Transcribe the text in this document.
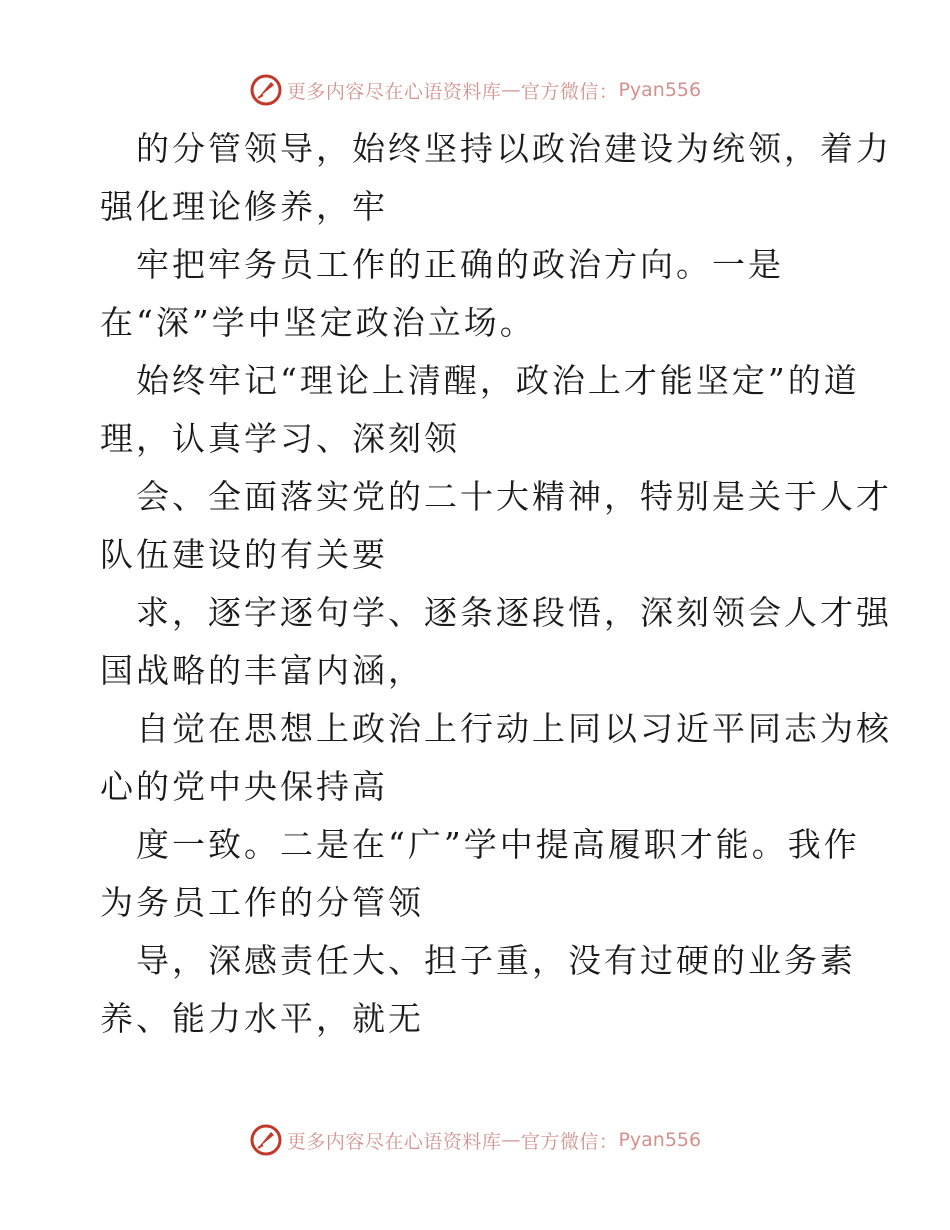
更多内容尽在心语资料库 — 官方微信： Pyan556
的分管领导，始终坚持以政治建设为统领，着力
强化理论修养，牢
牢把牢务员工作的正确的政治方向。一是
在“深”学中坚定政治立场。
始终牢记“理论上清醒，政治上才能坚定”的道
理，认真学习、深刻领
会、全面落实党的二十大精神，特别是关于人才
队伍建设的有关要
求，逐字逐句学、逐条逐段悟，深刻领会人才强
国战略的丰富内涵，
自觉在思想上政治上行动上同以习近平同志为核
心的党中央保持高
度一致。二是在“广”学中提高履职才能。我作
为务员工作的分管领
导，深感责任大、担子重，没有过硬的业务素
养、能力水平，就无
更多内容尽在心语资料库 — 官方微信： Pyan556
